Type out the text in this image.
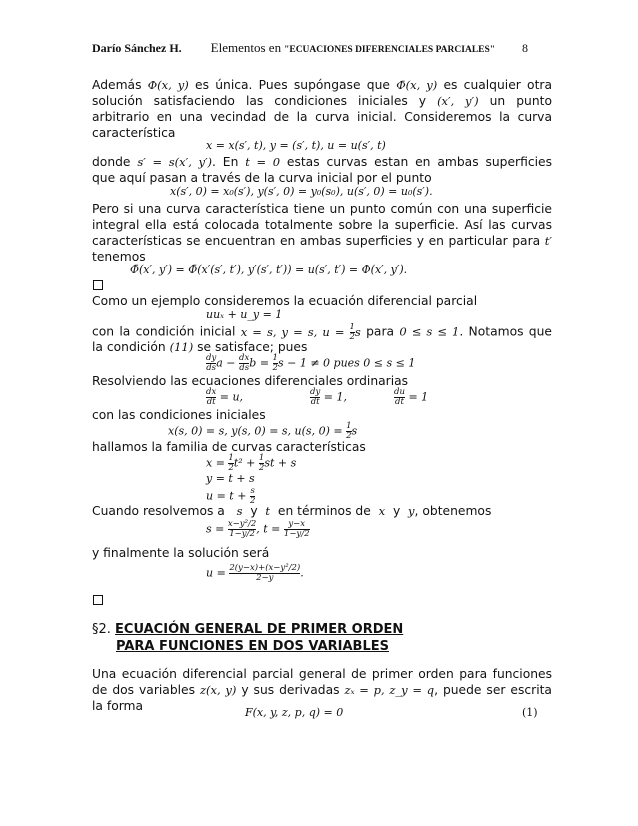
Darío Sánchez H. Elementos en "ECUACIONES DIFERENCIALES PARCIALES" 8
Además Φ(x, y) es única. Pues supóngase que Φ̄(x, y) es cualquier otra
solución satisfaciendo las condiciones iniciales y (x′, y′) un punto
arbitrario en una vecindad de la curva inicial. Consideremos la curva
característica
x = x(s′, t), y = (s′, t), u = u(s′, t)
donde s′ = s(x′, y′). En t = 0 estas curvas estan en ambas superficies
que aquí pasan a través de la curva inicial por el punto
x(s′, 0) = x₀(s′), y(s′, 0) = y₀(s₀), u(s′, 0) = u₀(s′).
Pero si una curva característica tiene un punto común con una superficie
integral ella está colocada totalmente sobre la superficie. Así las curvas
características se encuentran en ambas superficies y en particular para t′
tenemos
Φ̄(x′, y′) = Φ̄(x′(s′, t′), y′(s′, t′)) = u(s′, t′) = Φ(x′, y′).
Como un ejemplo consideremos la ecuación diferencial parcial
uuₓ + u_y = 1
con la condición inicial x = s, y = s, $u = \frac{1}{2}$ s para 0 ≤ s ≤ 1. Notamos que
la condición (11) se satisface; pues
$\frac{dy}{ds}$ $a - \frac{dx}{ds}$ $b = \frac{1}{2}$ s − 1 ≠ 0 pues 0 ≤ s ≤ 1
Resolviendo las ecuaciones diferenciales ordinarias
$\frac{dx}{dt} = u$,	$\frac{dy}{dt} = 1$,	$\frac{du}{dt} = 1$
con las condiciones iniciales
x(s, 0) = s, y(s, 0) = s, u(s, $0) = \frac{1}{2}$ s
hallamos la familia de curvas características
$x = \frac{1}{2} t^2 + \frac{1}{2}$ st + s
y = t + s
$u = t + \frac{s}{2}$
Cuando resolvemos a s y t en términos de x y y, obtenemos
$s = \frac{\text{x−y²/2}}{1-y/2}$ , $t = \frac{y-x}{1-y/2}$
y finalmente la solución será
$u = \frac{\text{2(y−x)+(x−y²/2)}}{2-y}$ .
§2. ECUACIÓN GENERAL DE PRIMER ORDEN
PARA FUNCIONES EN DOS VARIABLES
Una ecuación diferencial parcial general de primer orden para funciones
de dos variables z(x, y) y sus derivadas zₓ = p, z_y = q, puede ser escrita
la forma	F(x, y, z, p, q) = 0	(1)
